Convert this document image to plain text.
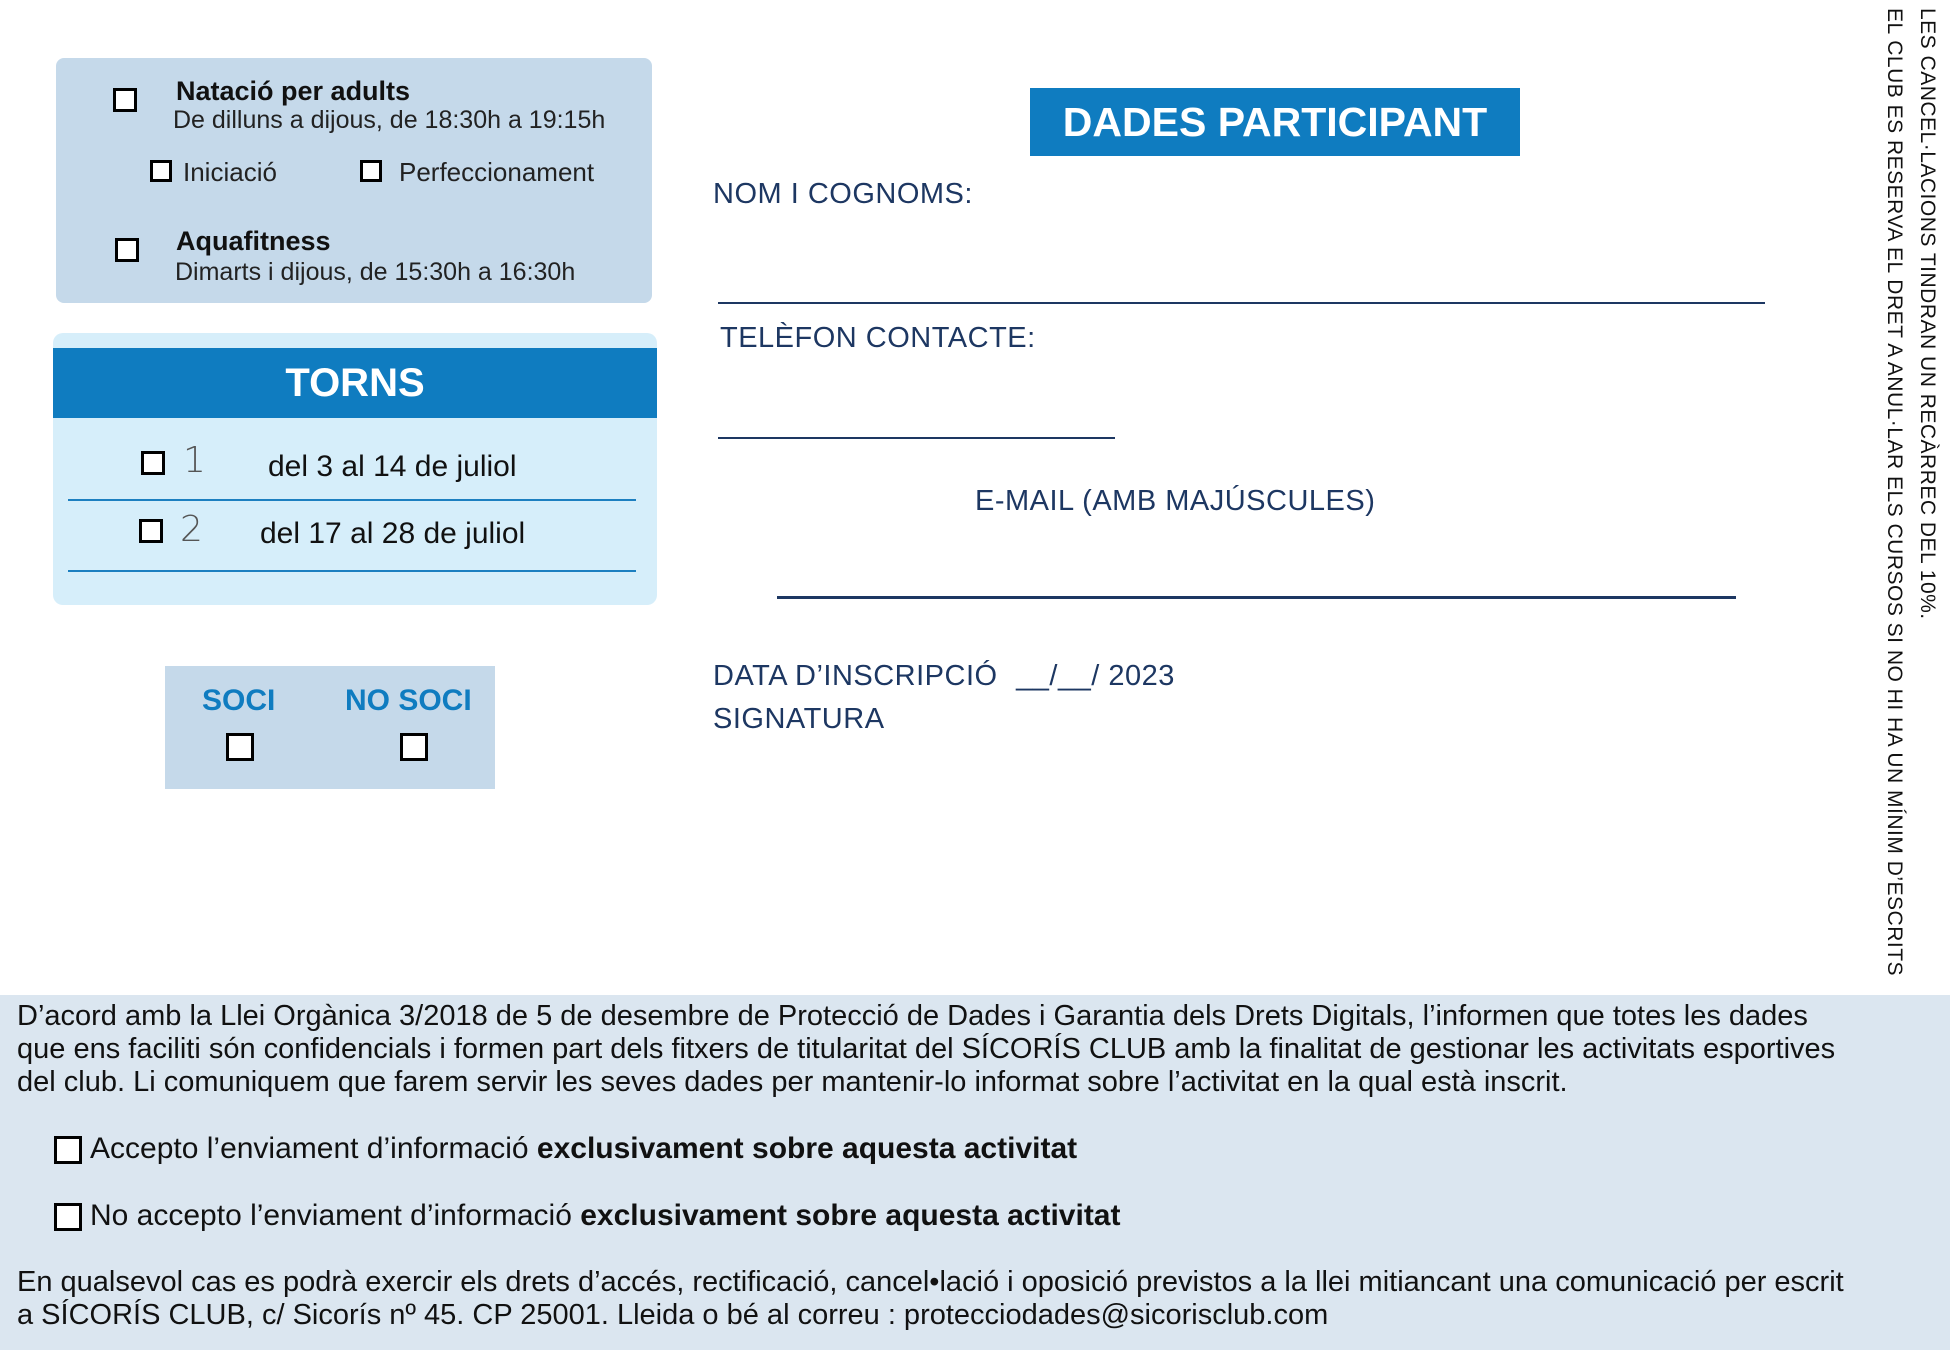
Natació per adults
De dilluns a dijous, de 18:30h a 19:15h
Iniciació	Perfeccionament
Aquafitness
Dimarts i dijous, de 15:30h a 16:30h
TORNS
1 del 3 al 14 de juliol
2 del 17 al 28 de juliol
SOCI NO SOCI
DADES PARTICIPANT
NOM I COGNOMS:
TELÈFON CONTACTE:
E-MAIL (AMB MAJÚSCULES)
DATA D’INSCRIPCIÓ __/__/ 2023
SIGNATURA
LES CANCEL·LACIONS TINDRAN UN RECÀRREC DEL 10%.
EL CLUB ES RESERVA EL DRET A ANUL·LAR ELS CURSOS SI NO HI HA UN MÍNIM D’ESCRITS
D’acord amb la Llei Orgànica 3/2018 de 5 de desembre de Protecció de Dades i Garantia dels Drets Digitals, l’informen que totes les dades
que ens faciliti són confidencials i formen part dels fitxers de titularitat del SÍCORÍS CLUB amb la finalitat de gestionar les activitats esportives
del club. Li comuniquem que farem servir les seves dades per mantenir-lo informat sobre l’activitat en la qual està inscrit.
Accepto l’enviament d’informació exclusivament sobre aquesta activitat
No accepto l’enviament d’informació exclusivament sobre aquesta activitat
En qualsevol cas es podrà exercir els drets d’accés, rectificació, cancel•lació i oposició previstos a la llei mitiancant una comunicació per escrit
a SÍCORÍS CLUB, c/ Sicorís nº 45. CP 25001. Lleida o bé al correu : protecciodades@sicorisclub.com
